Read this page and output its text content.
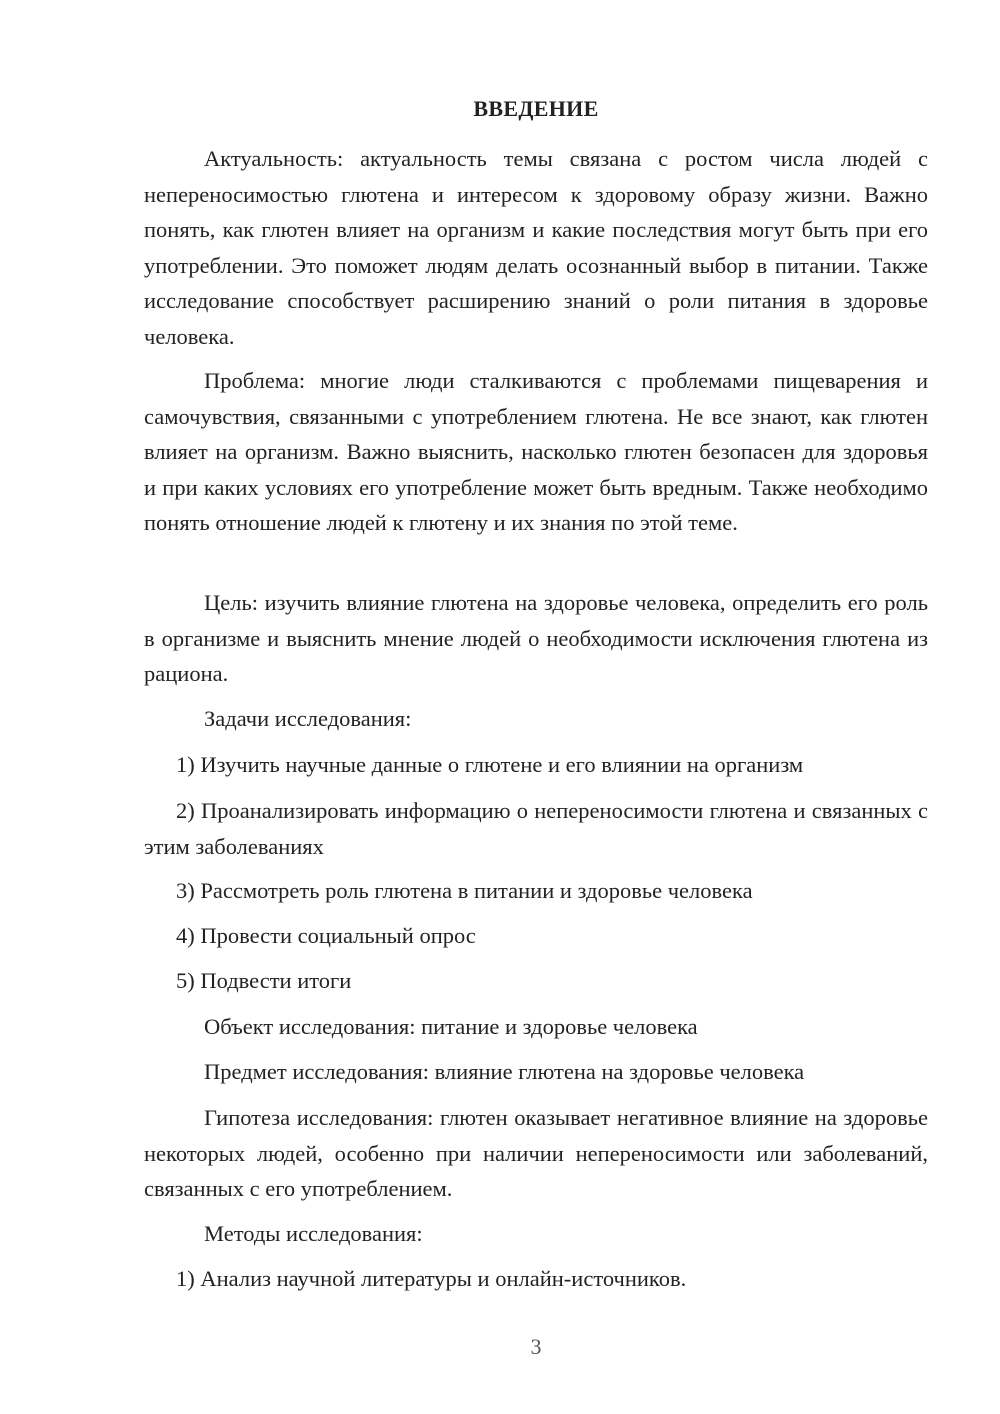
ВВЕДЕНИЕ

Актуальность: актуальность темы связана с ростом числа людей с непереносимостью глютена и интересом к здоровому образу жизни. Важно понять, как глютен влияет на организм и какие последствия могут быть при его употреблении. Это поможет людям делать осознанный выбор в питании. Также исследование способствует расширению знаний о роли питания в здоровье человека.

Проблема: многие люди сталкиваются с проблемами пищеварения и самочувствия, связанными с употреблением глютена. Не все знают, как глютен влияет на организм. Важно выяснить, насколько глютен безопасен для здоровья и при каких условиях его употребление может быть вредным. Также необходимо понять отношение людей к глютену и их знания по этой теме.

Цель: изучить влияние глютена на здоровье человека, определить его роль в организме и выяснить мнение людей о необходимости исключения глютена из рациона.

Задачи исследования:

1) Изучить научные данные о глютене и его влиянии на организм

2) Проанализировать информацию о непереносимости глютена и связанных с этим заболеваниях

3) Рассмотреть роль глютена в питании и здоровье человека

4) Провести социальный опрос

5) Подвести итоги

Объект исследования: питание и здоровье человека

Предмет исследования: влияние глютена на здоровье человека

Гипотеза исследования: глютен оказывает негативное влияние на здоровье некоторых людей, особенно при наличии непереносимости или заболеваний, связанных с его употреблением.

Методы исследования:

1) Анализ научной литературы и онлайн-источников.

3
